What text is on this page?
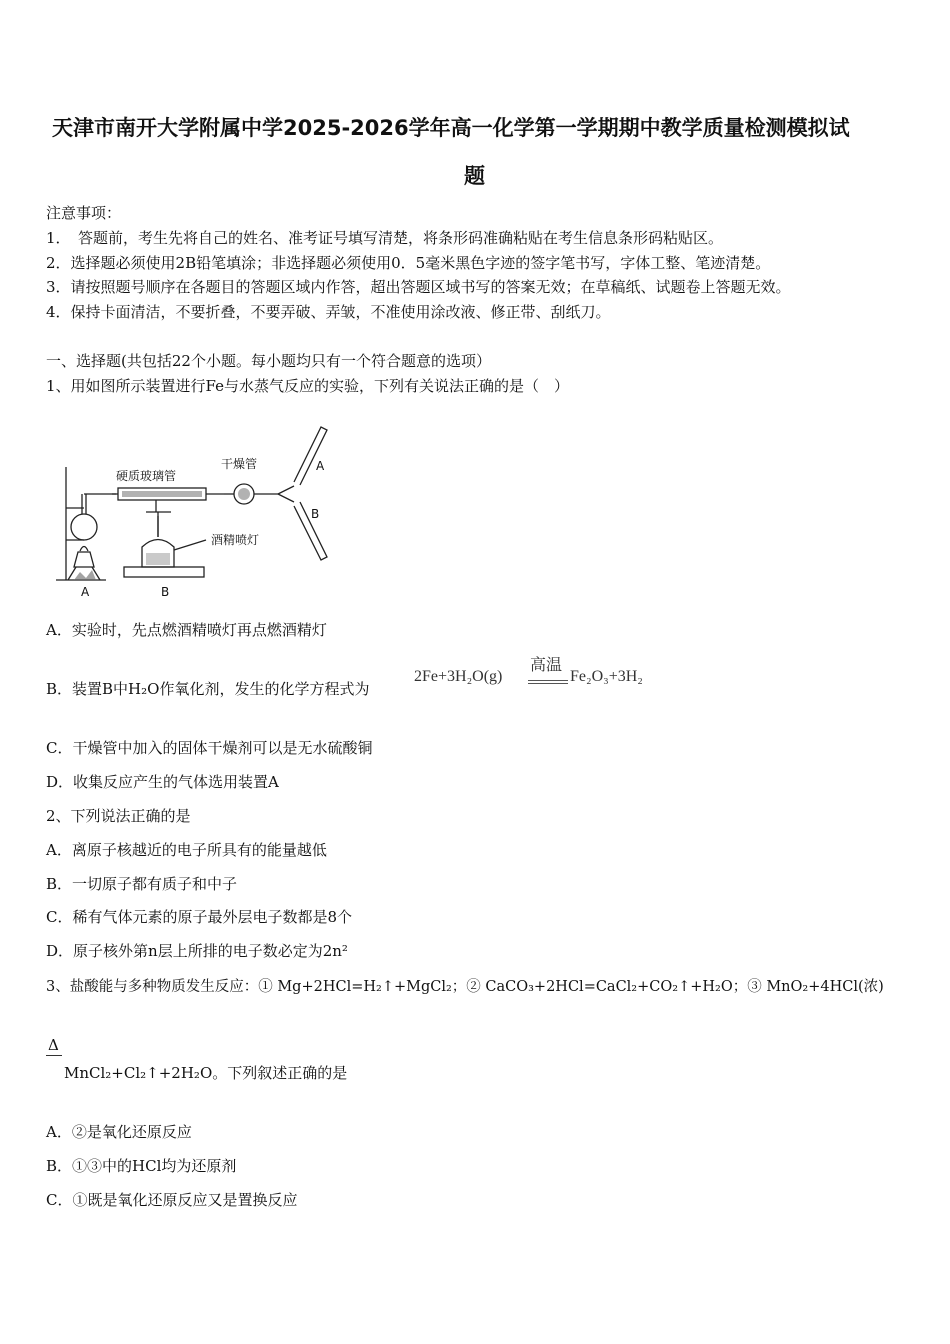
天津市南开大学附属中学2025-2026学年高一化学第一学期期中教学质量检测模拟试
题
注意事项：
1．　答题前，考生先将自己的姓名、准考证号填写清楚，将条形码准确粘贴在考生信息条形码粘贴区。
2．选择题必须使用2B铅笔填涂；非选择题必须使用0．5毫米黑色字迹的签字笔书写，字体工整、笔迹清楚。
3．请按照题号顺序在各题目的答题区域内作答，超出答题区域书写的答案无效；在草稿纸、试题卷上答题无效。
4．保持卡面清洁，不要折叠，不要弄破、弄皱，不准使用涂改液、修正带、刮纸刀。
一、选择题(共包括22个小题。每小题均只有一个符合题意的选项）
1、用如图所示装置进行Fe与水蒸气反应的实验，下列有关说法正确的是（　）
硬质玻璃管
干燥管
酒精喷灯
A	B
A
B
A．实验时，先点燃酒精喷灯再点燃酒精灯
B．装置B中H₂O作氧化剂，发生的化学方程式为
2Fe+3H₂O(g)
高温
Fe₂O₃+3H₂
C．干燥管中加入的固体干燥剂可以是无水硫酸铜
D．收集反应产生的气体选用装置A
2、下列说法正确的是
A．离原子核越近的电子所具有的能量越低
B．一切原子都有质子和中子
C．稀有气体元素的原子最外层电子数都是8个
D．原子核外第n层上所排的电子数必定为2n²
3、盐酸能与多种物质发生反应：① Mg+2HCl=H₂↑+MgCl₂；② CaCO₃+2HCl=CaCl₂+CO₂↑+H₂O；③ MnO₂+4HCl(浓)
Δ
MnCl₂+Cl₂↑+2H₂O。下列叙述正确的是
A．②是氧化还原反应
B．①③中的HCl均为还原剂
C．①既是氧化还原反应又是置换反应
